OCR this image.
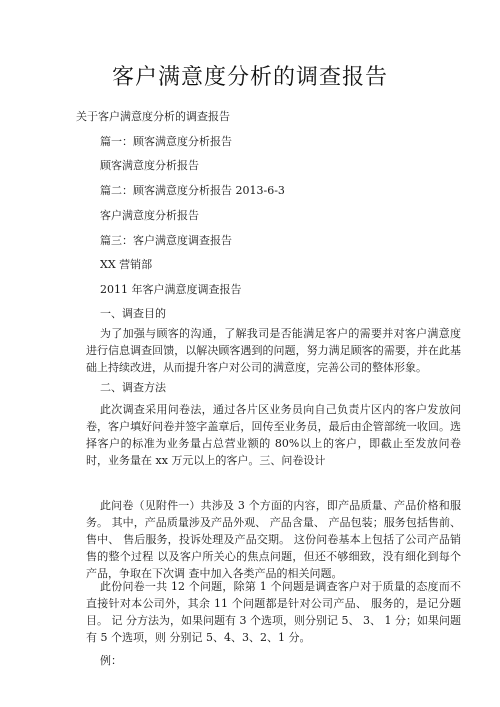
客户满意度分析的调查报告
关于客户满意度分析的调查报告
篇一：顾客满意度分析报告
顾客满意度分析报告
篇二：顾客满意度分析报告 2013-6-3
客户满意度分析报告
篇三：客户满意度调查报告
XX 营销部
2011 年客户满意度调查报告
一、调查目的

为了加强与顾客的沟通，了解我司是否能满足客户的需要并对客户满意度进行信息调查回馈，以解决顾客遇到的问题，努力满足顾客的需要，并在此基础上持续改进，从而提升客户对公司的满意度，完善公司的整体形象。

二、调查方法

此次调查采用问卷法，通过各片区业务员向自己负责片区内的客户发放问卷，客户填好问卷并签字盖章后，回传至业务员，最后由企管部统一收回。选择客户的标准为业务量占总营业额的 80%以上的客户，即截止至发放问卷时，业务量在 xx 万元以上的客户。三、问卷设计

此问卷（见附件一）共涉及 3 个方面的内容，即产品质量、产品价格和服 务。 其中，产品质量涉及产品外观、 产品含量、 产品包装；服务包括售前、售中、 售后服务，投诉处理及产品交期。 这份问卷基本上包括了公司产品销售的整个过程 以及客户所关心的焦点问题，但还不够细致，没有细化到每个产品，争取在下次调 查中加入各类产品的相关问题。

此份问卷一共 12 个问题，除第 1 个问题是调查客户对于质量的态度而不直接针对本公司外，其余 11 个问题都是针对公司产品、 服务的，是记分题目。 记 分方法为，如果问题有 3 个选项，则分别记 5、 3、 1 分；如果问题有 5 个选项，则 分别记 5、4、3、2、1 分。

例：
